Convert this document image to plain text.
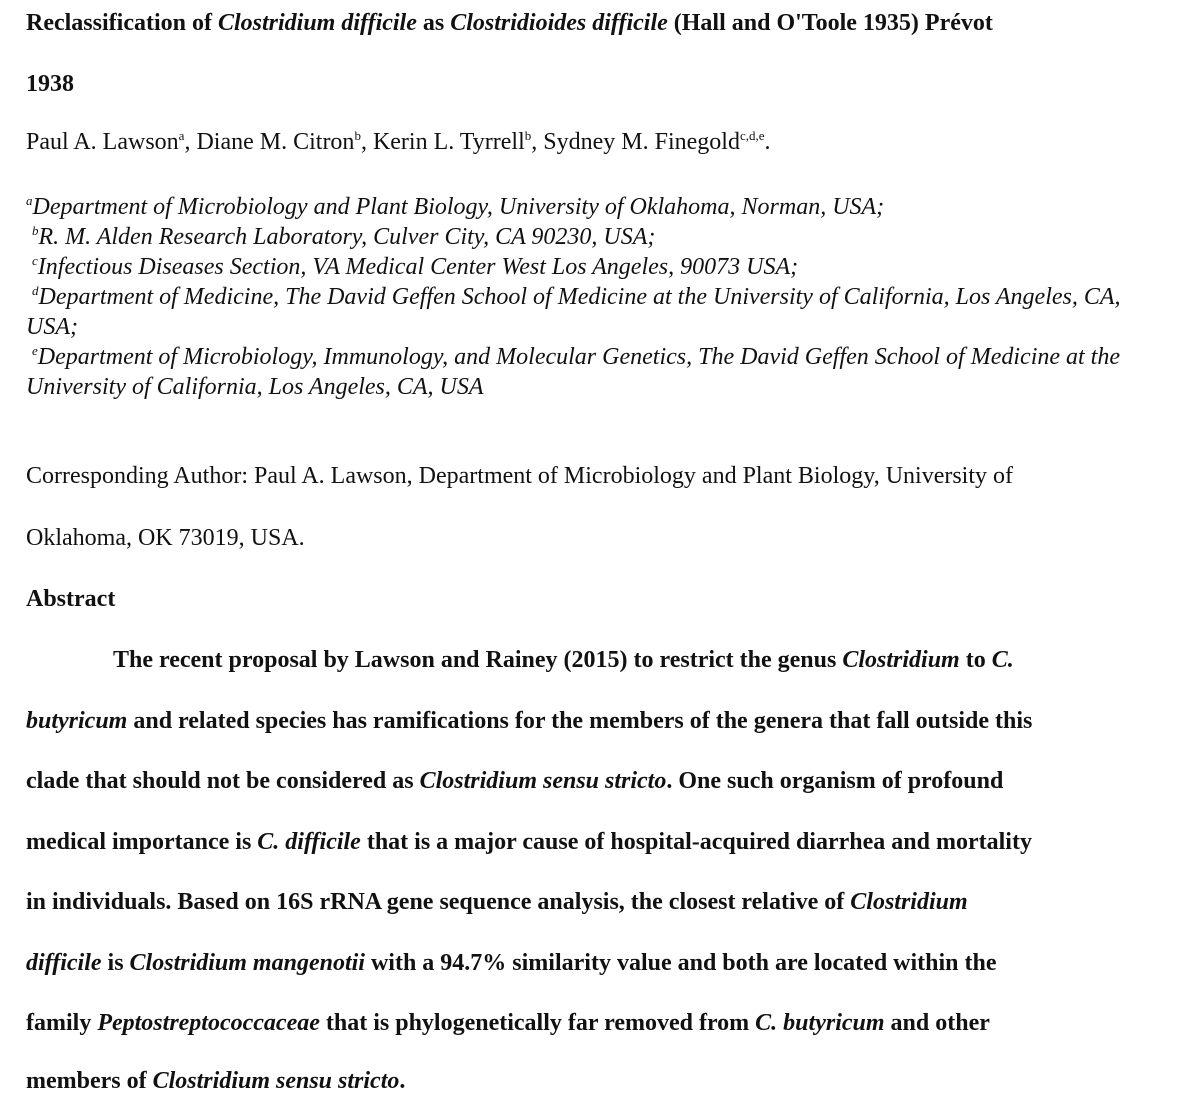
Reclassification of Clostridium difficile as Clostridioides difficile (Hall and O'Toole 1935) Prévot
1938
Paul A. Lawson$^a$, Diane M. Citron$^b$, Kerin L. Tyrrell$^b$, Sydney M. Finegold$^{c,d,e}$.
$^a$Department of Microbiology and Plant Biology, University of Oklahoma, Norman, USA;
$^b$R. M. Alden Research Laboratory, Culver City, CA 90230, USA;
$^c$Infectious Diseases Section, VA Medical Center West Los Angeles, 90073 USA;
$^d$Department of Medicine, The David Geffen School of Medicine at the University of California, Los Angeles, CA, USA;
$^e$Department of Microbiology, Immunology, and Molecular Genetics, The David Geffen School of Medicine at the University of California, Los Angeles, CA, USA
Corresponding Author: Paul A. Lawson, Department of Microbiology and Plant Biology, University of
Oklahoma, OK 73019, USA.
Abstract
The recent proposal by Lawson and Rainey (2015) to restrict the genus Clostridium to C.
butyricum and related species has ramifications for the members of the genera that fall outside this
clade that should not be considered as Clostridium sensu stricto. One such organism of profound
medical importance is C. difficile that is a major cause of hospital-acquired diarrhea and mortality
in individuals. Based on 16S rRNA gene sequence analysis, the closest relative of Clostridium
difficile is Clostridium mangenotii with a 94.7% similarity value and both are located within the
family Peptostreptococcaceae that is phylogenetically far removed from C. butyricum and other
members of Clostridium sensu stricto.
